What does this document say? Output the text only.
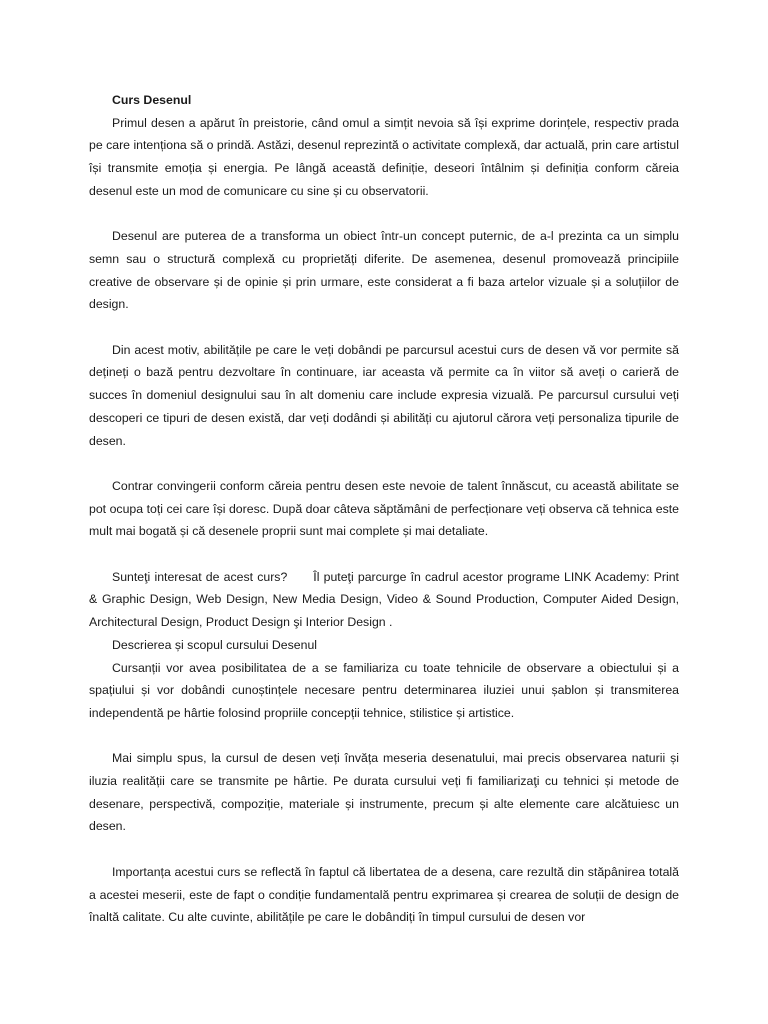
Curs Desenul

Primul desen a apărut în preistorie, când omul a simțit nevoia să își exprime dorințele, respectiv prada pe care intenționa să o prindă. Astăzi, desenul reprezintă o activitate complexă, dar actuală, prin care artistul își transmite emoția și energia. Pe lângă această definiție, deseori întâlnim și definiția conform căreia desenul este un mod de comunicare cu sine și cu observatorii.

Desenul are puterea de a transforma un obiect într-un concept puternic, de a-l prezinta ca un simplu semn sau o structură complexă cu proprietăți diferite. De asemenea, desenul promovează principiile creative de observare și de opinie și prin urmare, este considerat a fi baza artelor vizuale și a soluțiilor de design.

Din acest motiv, abilitățile pe care le veți dobândi pe parcursul acestui curs de desen vă vor permite să dețineți o bază pentru dezvoltare în continuare, iar aceasta vă permite ca în viitor să aveți o carieră de succes în domeniul designului sau în alt domeniu care include expresia vizuală. Pe parcursul cursului veți descoperi ce tipuri de desen există, dar veți dodândi și abilități cu ajutorul cărora veți personaliza tipurile de desen.

Contrar convingerii conform căreia pentru desen este nevoie de talent înnăscut, cu această abilitate se pot ocupa toți cei care își doresc. După doar câteva săptămâni de perfecționare veți observa că tehnica este mult mai bogată și că desenele proprii sunt mai complete și mai detaliate.

Sunteţi interesat de acest curs? Îl puteţi parcurge în cadrul acestor programe LINK Academy: Print & Graphic Design, Web Design, New Media Design, Video & Sound Production, Computer Aided Design, Architectural Design, Product Design şi Interior Design .

Descrierea și scopul cursului Desenul

Cursanții vor avea posibilitatea de a se familiariza cu toate tehnicile de observare a obiectului și a spațiului și vor dobândi cunoștințele necesare pentru determinarea iluziei unui șablon și transmiterea independentă pe hârtie folosind propriile concepții tehnice, stilistice și artistice.

Mai simplu spus, la cursul de desen veți învăța meseria desenatului, mai precis observarea naturii și iluzia realității care se transmite pe hârtie. Pe durata cursului veți fi familiarizaţi cu tehnici și metode de desenare, perspectivă, compoziție, materiale și instrumente, precum și alte elemente care alcătuiesc un desen.

Importanța acestui curs se reflectă în faptul că libertatea de a desena, care rezultă din stăpânirea totală a acestei meserii, este de fapt o condiție fundamentală pentru exprimarea și crearea de soluții de design de înaltă calitate. Cu alte cuvinte, abilitățile pe care le dobândiți în timpul cursului de desen vor
